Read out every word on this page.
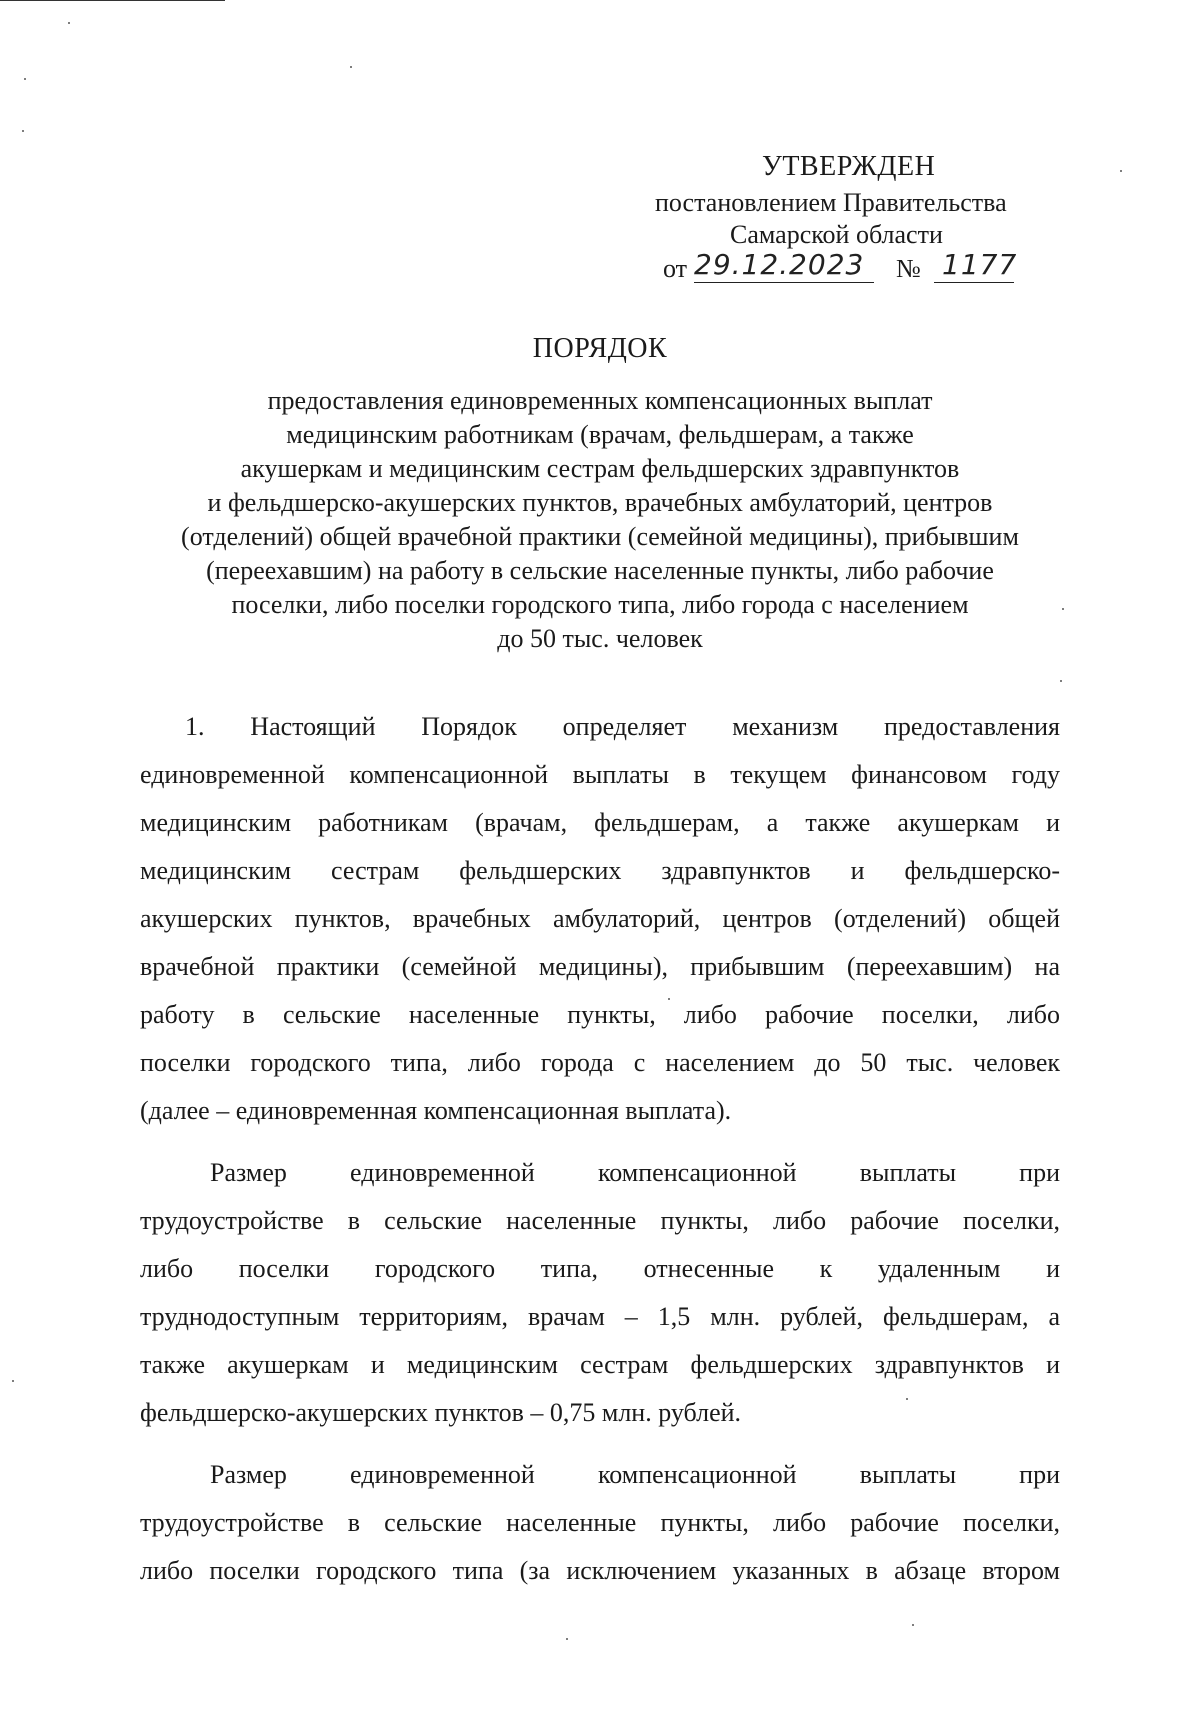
УТВЕРЖДЕН
постановлением Правительства
Самарской области
от 29.12.2023 № 1177
ПОРЯДОК
предоставления единовременных компенсационных выплат
медицинским работникам (врачам, фельдшерам, а также
акушеркам и медицинским сестрам фельдшерских здравпунктов
и фельдшерско-акушерских пунктов, врачебных амбулаторий, центров
(отделений) общей врачебной практики (семейной медицины), прибывшим
(переехавшим) на работу в сельские населенные пункты, либо рабочие
поселки, либо поселки городского типа, либо города с населением
до 50 тыс. человек
1. Настоящий Порядок определяет механизм предоставления
единовременной компенсационной выплаты в текущем финансовом году
медицинским работникам (врачам, фельдшерам, а также акушеркам и
медицинским сестрам фельдшерских здравпунктов и фельдшерско-
акушерских пунктов, врачебных амбулаторий, центров (отделений) общей
врачебной практики (семейной медицины), прибывшим (переехавшим) на
работу в сельские населенные пункты, либо рабочие поселки, либо
поселки городского типа, либо города с населением до 50 тыс. человек
(далее – единовременная компенсационная выплата).
Размер единовременной компенсационной выплаты при
трудоустройстве в сельские населенные пункты, либо рабочие поселки,
либо поселки городского типа, отнесенные к удаленным и
труднодоступным территориям, врачам – 1,5 млн. рублей, фельдшерам, а
также акушеркам и медицинским сестрам фельдшерских здравпунктов и
фельдшерско-акушерских пунктов – 0,75 млн. рублей.
Размер единовременной компенсационной выплаты при
трудоустройстве в сельские населенные пункты, либо рабочие поселки,
либо поселки городского типа (за исключением указанных в абзаце втором
